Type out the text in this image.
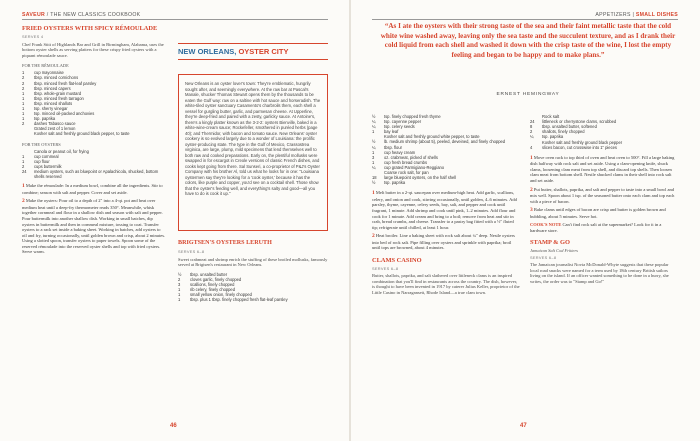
SAVEUR / THE NEW CLASSICS COOKBOOK
FRIED OYSTERS WITH SPICY RÉMOULADE
SERVES 4

Chef Frank Stitt of Highlands Bar and Grill in Birmingham, Alabama, uses the bottom oyster shells as serving platters for these crispy fried oysters with a piquant rémoulade sauce.

FOR THE RÉMOULADE
1	cup mayonnaise
2	tbsp. minced cornichons
2	tbsp. minced fresh flat-leaf parsley
2	tbsp. minced capers
1	tbsp. whole-grain mustard
1	tbsp. minced fresh tarragon
1	tbsp. minced shallots
1	tsp. sherry vinegar
1	tsp. minced oil-packed anchovies
1	tsp. paprika
2	dashes Tabasco sauce
Grated zest of 1 lemon
Kosher salt and freshly ground black pepper, to taste
FOR THE OYSTERS
Canola or peanut oil, for frying
1	cup cornmeal
1	cup flour
2	cups buttermilk
24	medium oysters, such as bluepoint or Apalachicola, shucked, bottom shells reserved

1 Make the rémoulade: In a medium bowl, combine all the ingredients. Stir to combine; season with salt and pepper. Cover and set aside.

2 Make the oysters: Pour oil to a depth of 2" into a 4-qt. pot and heat over medium heat until a deep-fry thermometer reads 350°. Meanwhile, whisk together cornmeal and flour in a shallow dish and season with salt and pepper. Pour buttermilk into another shallow dish. Working in small batches, dip oysters in buttermilk and then in cornmeal mixture, tossing to coat. Transfer oysters to a rack set inside a baking sheet. Working in batches, add oysters to oil and fry, turning occasionally, until golden brown and crisp, about 2 minutes. Using a slotted spoon, transfer oysters to paper towels. Spoon some of the reserved rémoulade into the reserved oyster shells and top with fried oysters. Serve warm.

NEW ORLEANS, OYSTER CITY

New Orleans is an oyster lover's town: They're emblematic, hungrily sought after, and seemingly everywhere. At the raw bar at Pascal's Manale, shucker Thomas Stewart opens them by the thousands to be eaten the Gulf way: raw on a saltine with hot sauce and horseradish. The white-tiled oyster sanctuary Casamento's charbroils them, each shell a vessel for gurgling butter, garlic, and parmesan cheese. At Upperline, they're deep-fried and paired with a zesty, garlicky sauce. At Antoine's, there's a kingly platter known as the 3-2-2: oysters Bienville, baked in a white-wine-cream sauce; Rockefeller, smothered in puréed herbs (page 40); and Thermidor, with bacon and tomato sauce. New Orleans' oyster cookery is so evolved largely due to a wonder of Louisiana: the prolific oyster-producing state. The type in the Gulf of Mexico, Crassostrea virginica, are large, plump, mild specimens that lend themselves well to both raw and cooked preparations. Early on, the plentiful mollusks were swapped in for escargot in Creole versions of classic French dishes, and cooks kept going from there. Sal Sunseri, a co-proprietor of P&J's Oyster Company with his brother Al, told us what he looks for in one: "Louisiana oystermen say they're looking for a 'cook oyster,' because it has the colors, like purple and copper, you'd see on a cocktail shell. Those show that the oyster's feeding well, and everything's salty and good—all you have to do is cook it up."

BRIGTSEN'S OYSTERS LERUTH
SERVES 6–8

Sweet crabmeat and shrimp enrich the stuffing of these broiled mollusks, famously served at Brigtsen's restaurant in New Orleans.

½	tbsp. unsalted butter
2	cloves garlic, finely chopped
3	scallions, finely chopped
1	rib celery, finely chopped
1	small yellow onion, finely chopped
1	tbsp. plus 1 tbsp. finely chopped fresh flat-leaf parsley
46
APPETIZERS | SMALL DISHES
“As I ate the oysters with their strong taste of the sea and their faint metallic taste that the cold white wine washed away, leaving only the sea taste and the succulent texture, and as I drank their cold liquid from each shell and washed it down with the crisp taste of the wine, I lost the empty feeling and began to be happy and to make plans.”
ERNEST HEMINGWAY
½	tsp. finely chopped fresh thyme
¼	tsp. cayenne pepper
¼	tsp. celery seeds
1	bay leaf
Kosher salt and freshly ground white pepper, to taste
½	lb. medium shrimp (about 5), peeled, deveined, and finely chopped
¼	tbsp. flour
1	cup heavy cream
3	oz. crabmeat, picked of shells
1	cup fresh bread crumbs
¼	cup grated Parmigiano-Reggiano
Coarse rock salt, for pan
18	large bluepoint oysters, on the half shell
½	tsp. paprika

1 Melt butter in a 2-qt. saucepan over medium-high heat. Add garlic, scallions, celery, and onion and cook, stirring occasionally, until golden, 4–6 minutes. Add parsley, thyme, cayenne, celery seeds, bay, salt, and pepper and cook until fragrant, 1 minute. Add shrimp and cook until pink, 1–2 minutes. Add flour and cook for 1 minute. Add cream and bring to a boil; remove from heat and stir in crab, bread crumbs, and cheese. Transfer to a pastry bag fitted with a ½" fluted tip; refrigerate until chilled, at least 1 hour.

2 Heat broiler. Line a baking sheet with rock salt about ¼" deep. Nestle oysters into bed of rock salt. Pipe filling over oysters and sprinkle with paprika; broil until tops are browned, about 4 minutes.

CLAMS CASINO
SERVES 6–8

Butter, shallots, paprika, and salt slathered over littleneck clams is an inspired combination that you'll find in restaurants across the country. The dish, however, is thought to have been invented in 1917 by caterer Julius Keller, proprietor of the Little Casino in Narragansett, Rhode Island—a true clam town.

Rock salt
24	littleneck or cherrystone clams, scrubbed
8	tbsp. unsalted butter, softened
2	shallots, finely chopped
¼	tsp. paprika
Kosher salt and freshly ground black pepper
4	slices bacon, cut crosswise into 1" pieces

1 Move oven rack to top third of oven and heat oven to 500°. Fill a large baking dish halfway with rock salt and set aside. Using a clam-opening knife, shuck clams, loosening clam meat from top shell, and discard top shells. Then loosen clam meat from bottom shell. Nestle shucked clams in their shell into rock salt and set aside.

2 Put butter, shallots, paprika, and salt and pepper to taste into a small bowl and mix well. Spoon about 1 tsp. of the seasoned butter onto each clam and top each with a piece of bacon.

3 Bake clams until edges of bacon are crisp and butter is golden brown and bubbling, about 5 minutes. Serve hot.

COOK'S NOTE Can't find rock salt at the supermarket? Look for it in a hardware store.

STAMP & GO
Jamaican Salt Cod Fritters
SERVES 6–8

The Jamaican journalist Novia McDonald-Whyte suggests that these popular local road snacks were named for a term used by 18th century British sailors living on the island. If an officer wanted something to be done in a hurry, she writes, the order was to "Stamp and Go!"

47
